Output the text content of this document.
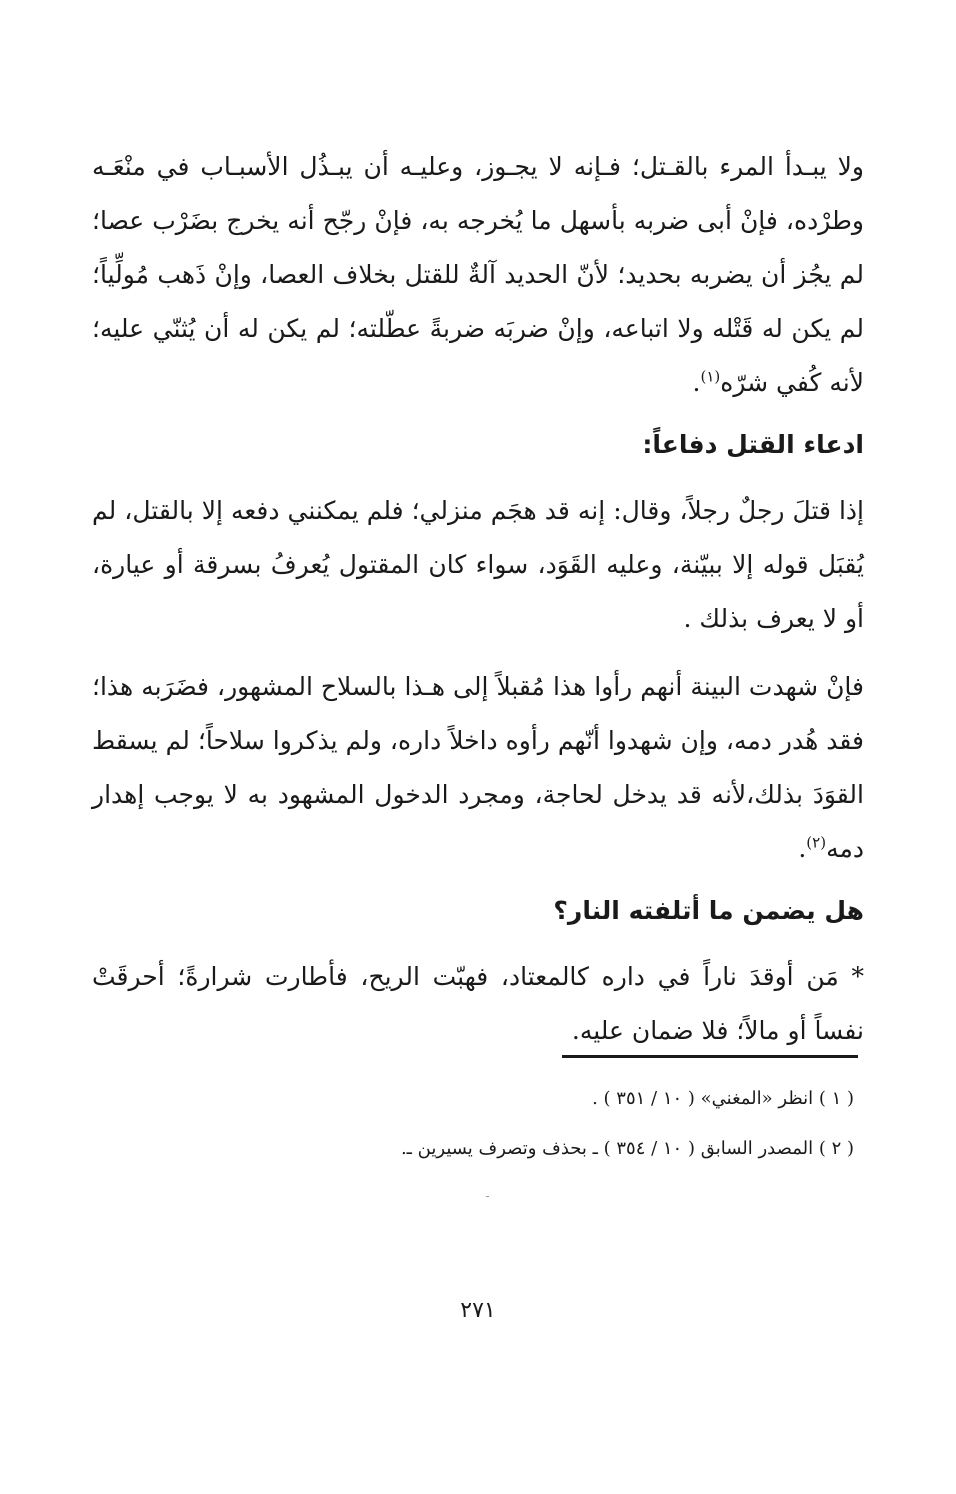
ولا يبـدأ المرء بالقـتل؛ فـإنه لا يجـوز، وعليـه أن يبـذُل الأسبـاب في منْعَـه وطرْده، فإنْ أبى ضربه بأسهل ما يُخرجه به، فإنْ رجّح أنه يخرج بضَرْب عصا؛ لم يجُز أن يضربه بحديد؛ لأنّ الحديد آلةٌ للقتل بخلاف العصا، وإنْ ذَهب مُولِّياً؛ لم يكن له قَتْله ولا اتباعه، وإنْ ضربَه ضربةً عطّلته؛ لم يكن له أن يُثنّي عليه؛ لأنه كُفي شرّه$^{(١)}$.

ادعاء القتل دفاعاً:

إذا قتلَ رجلٌ رجلاً، وقال: إنه قد هجَم منزلي؛ فلم يمكنني دفعه إلا بالقتل، لم يُقبَل قوله إلا ببيّنة، وعليه القَوَد، سواء كان المقتول يُعرفُ بسرقة أو عيارة، أو لا يعرف بذلك .

فإنْ شهدت البينة أنهم رأوا هذا مُقبلاً إلى هـذا بالسلاح المشهور، فضَرَبه هذا؛ فقد هُدر دمه، وإن شهدوا أنّهم رأوه داخلاً داره، ولم يذكروا سلاحاً؛ لم يسقط القوَدَ بذلك،لأنه قد يدخل لحاجة، ومجرد الدخول المشهود به لا يوجب إهدار دمه$^{(٢)}$.

هل يضمن ما أتلفته النار؟

* مَن أوقدَ ناراً في داره كالمعتاد، فهبّت الريح، فأطارت شرارةً؛ أحرقَتْ نفساً أو مالاً؛ فلا ضمان عليه.

( ١ ) انظر «المغني» ( ١٠ / ٣٥١ ) .

( ٢ ) المصدر السابق ( ١٠ / ٣٥٤ ) ـ بحذف وتصرف يسيرين ـ.

٢٧١
